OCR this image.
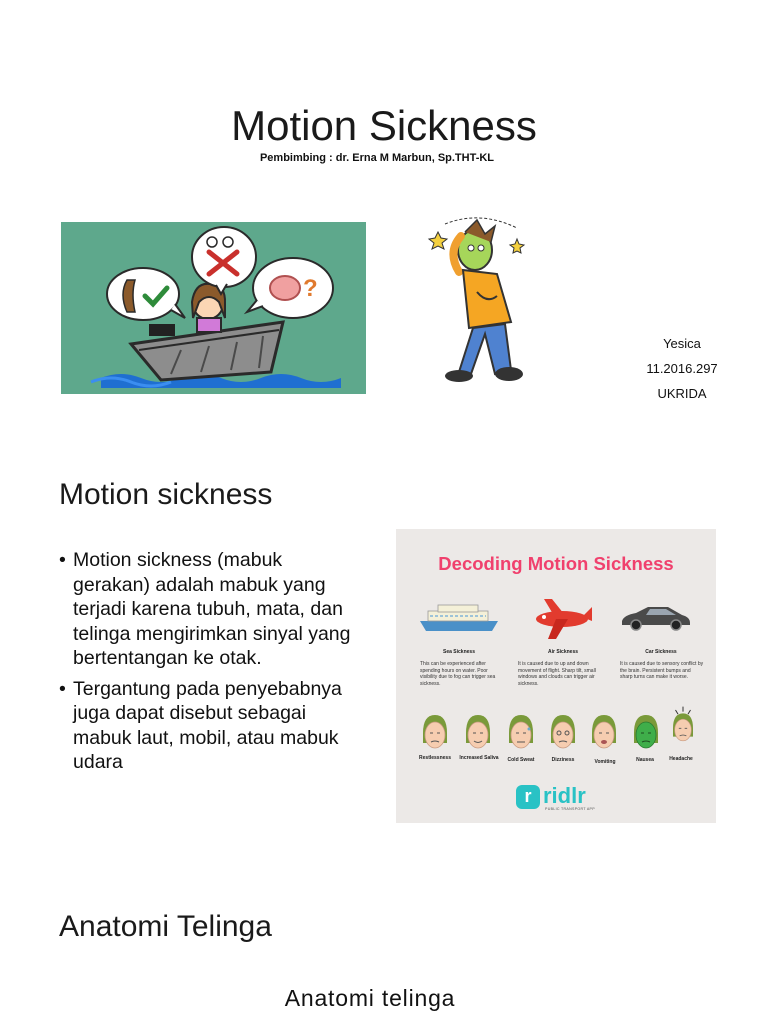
Motion Sickness
Pembimbing : dr. Erna M Marbun, Sp.THT-KL
?
Yesica
11.2016.297
UKRIDA
Motion sickness
• Motion sickness (mabuk gerakan) adalah mabuk yang terjadi karena tubuh, mata, dan telinga mengirimkan sinyal yang bertentangan ke otak.
• Tergantung pada penyebabnya juga dapat disebut sebagai mabuk laut, mobil, atau mabuk udara
Decoding Motion Sickness
Sea Sickness
This can be experienced after spending hours on water. Poor visibility due to fog can trigger sea sickness.
Air Sickness
It is caused due to up and down movement of flight. Sharp tilt, small windows and clouds can trigger air sickness.
Car Sickness
It is caused due to sensory conflict by the brain. Persistent bumps and sharp turns can make it worse.
Restlessness	Increased Saliva	Cold Sweat	Dizziness	Vomiting	Nausea	Headache
r ridlr
PUBLIC TRANSPORT APP
Anatomi Telinga
Anatomi telinga
